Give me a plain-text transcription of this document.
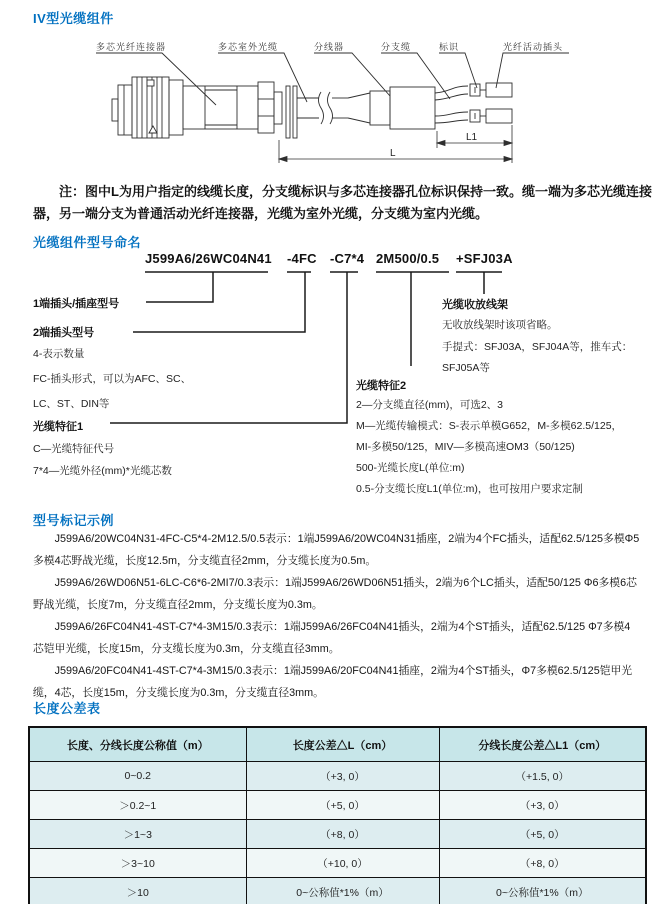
IV型光缆组件
多芯光纤连接器	多芯室外光缆	分线器	分支缆	标识	光纤活动插头
L1
L

注：图中L为用户指定的线缆长度，分支缆标识与多芯连接器孔位标识保持一致。缆一端为多芯光缆连接器，另一端分支为普通活动光纤连接器，光缆为室外光缆，分支缆为室内光缆。

光缆组件型号命名
J599A6/26WC04N41 -4FC -C7*4 2M500/0.5 +SFJ03A
1端插头/插座型号
2端插头型号
4-表示数量
FC-插头形式，可以为AFC、SC、
LC、ST、DIN等
光缆特征1
C—光缆特征代号
7*4—光缆外径(mm)*光缆芯数
光缆收放线架
无收放线架时该项省略。
手提式：SFJ03A，SFJ04A等，推车式：
SFJ05A等
光缆特征2
2—分支缆直径(mm)，可选2、3
M—光缆传输模式：S-表示单模G652，M-多模62.5/125，
MI-多模50/125，MIV—多模高速OM3（50/125)
500-光缆长度L(单位:m)
0.5-分支缆长度L1(单位:m)，也可按用户要求定制
型号标记示例

J599A6/20WC04N31-4FC-C5*4-2M12.5/0.5表示：1端J599A6/20WC04N31插座，2端为4个FC插头，适配62.5/125多模Φ5多模4芯野战光缆，长度12.5m，分支缆直径2mm，分支缆长度为0.5m。

J599A6/26WD06N51-6LC-C6*6-2MI7/0.3表示：1端J599A6/26WD06N51插头，2端为6个LC插头，适配50/125 Φ6多模6芯野战光缆，长度7m，分支缆直径2mm，分支缆长度为0.3m。

J599A6/26FC04N41-4ST-C7*4-3M15/0.3表示：1端J599A6/26FC04N41插头，2端为4个ST插头，适配62.5/125 Φ7多模4芯铠甲光缆，长度15m，分支缆长度为0.3m，分支缆直径3mm。

J599A6/20FC04N41-4ST-C7*4-3M15/0.3表示：1端J599A6/20FC04N41插座，2端为4个ST插头，Φ7多模62.5/125铠甲光缆，4芯，长度15m，分支缆长度为0.3m，分支缆直径3mm。

长度公差表
长度、分线长度公称值（m）	长度公差△L（cm）	分线长度公差△L1（cm）
0~0.2	（+3, 0）	（+1.5, 0）
＞0.2~1	（+5, 0）	（+3, 0）
＞1~3	（+8, 0）	（+5, 0）
＞3~10	（+10, 0）	（+8, 0）
＞10	0~公称值*1%（m）	0~公称值*1%（m）
